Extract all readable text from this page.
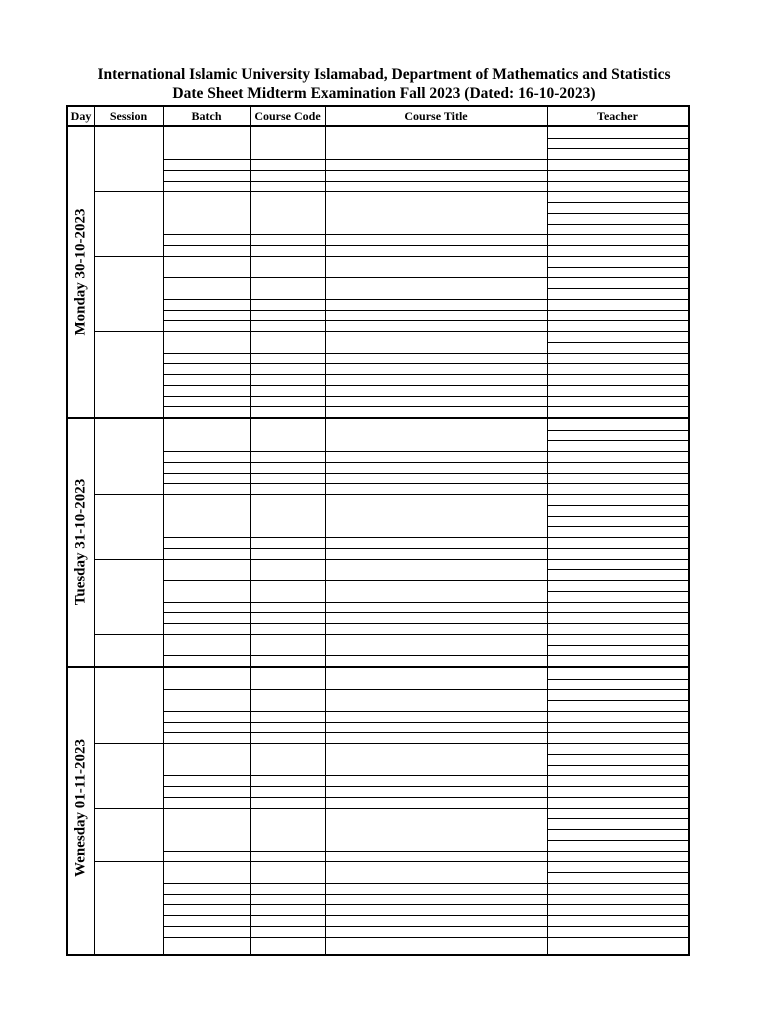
International Islamic University Islamabad, Department of Mathematics and Statistics
Date Sheet Midterm Examination Fall 2023 (Dated: 16-10-2023)
Day	Session	Batch	Course Code	Course Title	Teacher
Monday 30-10-2023
Tuesday 31-10-2023
Wenesday 01-11-2023
